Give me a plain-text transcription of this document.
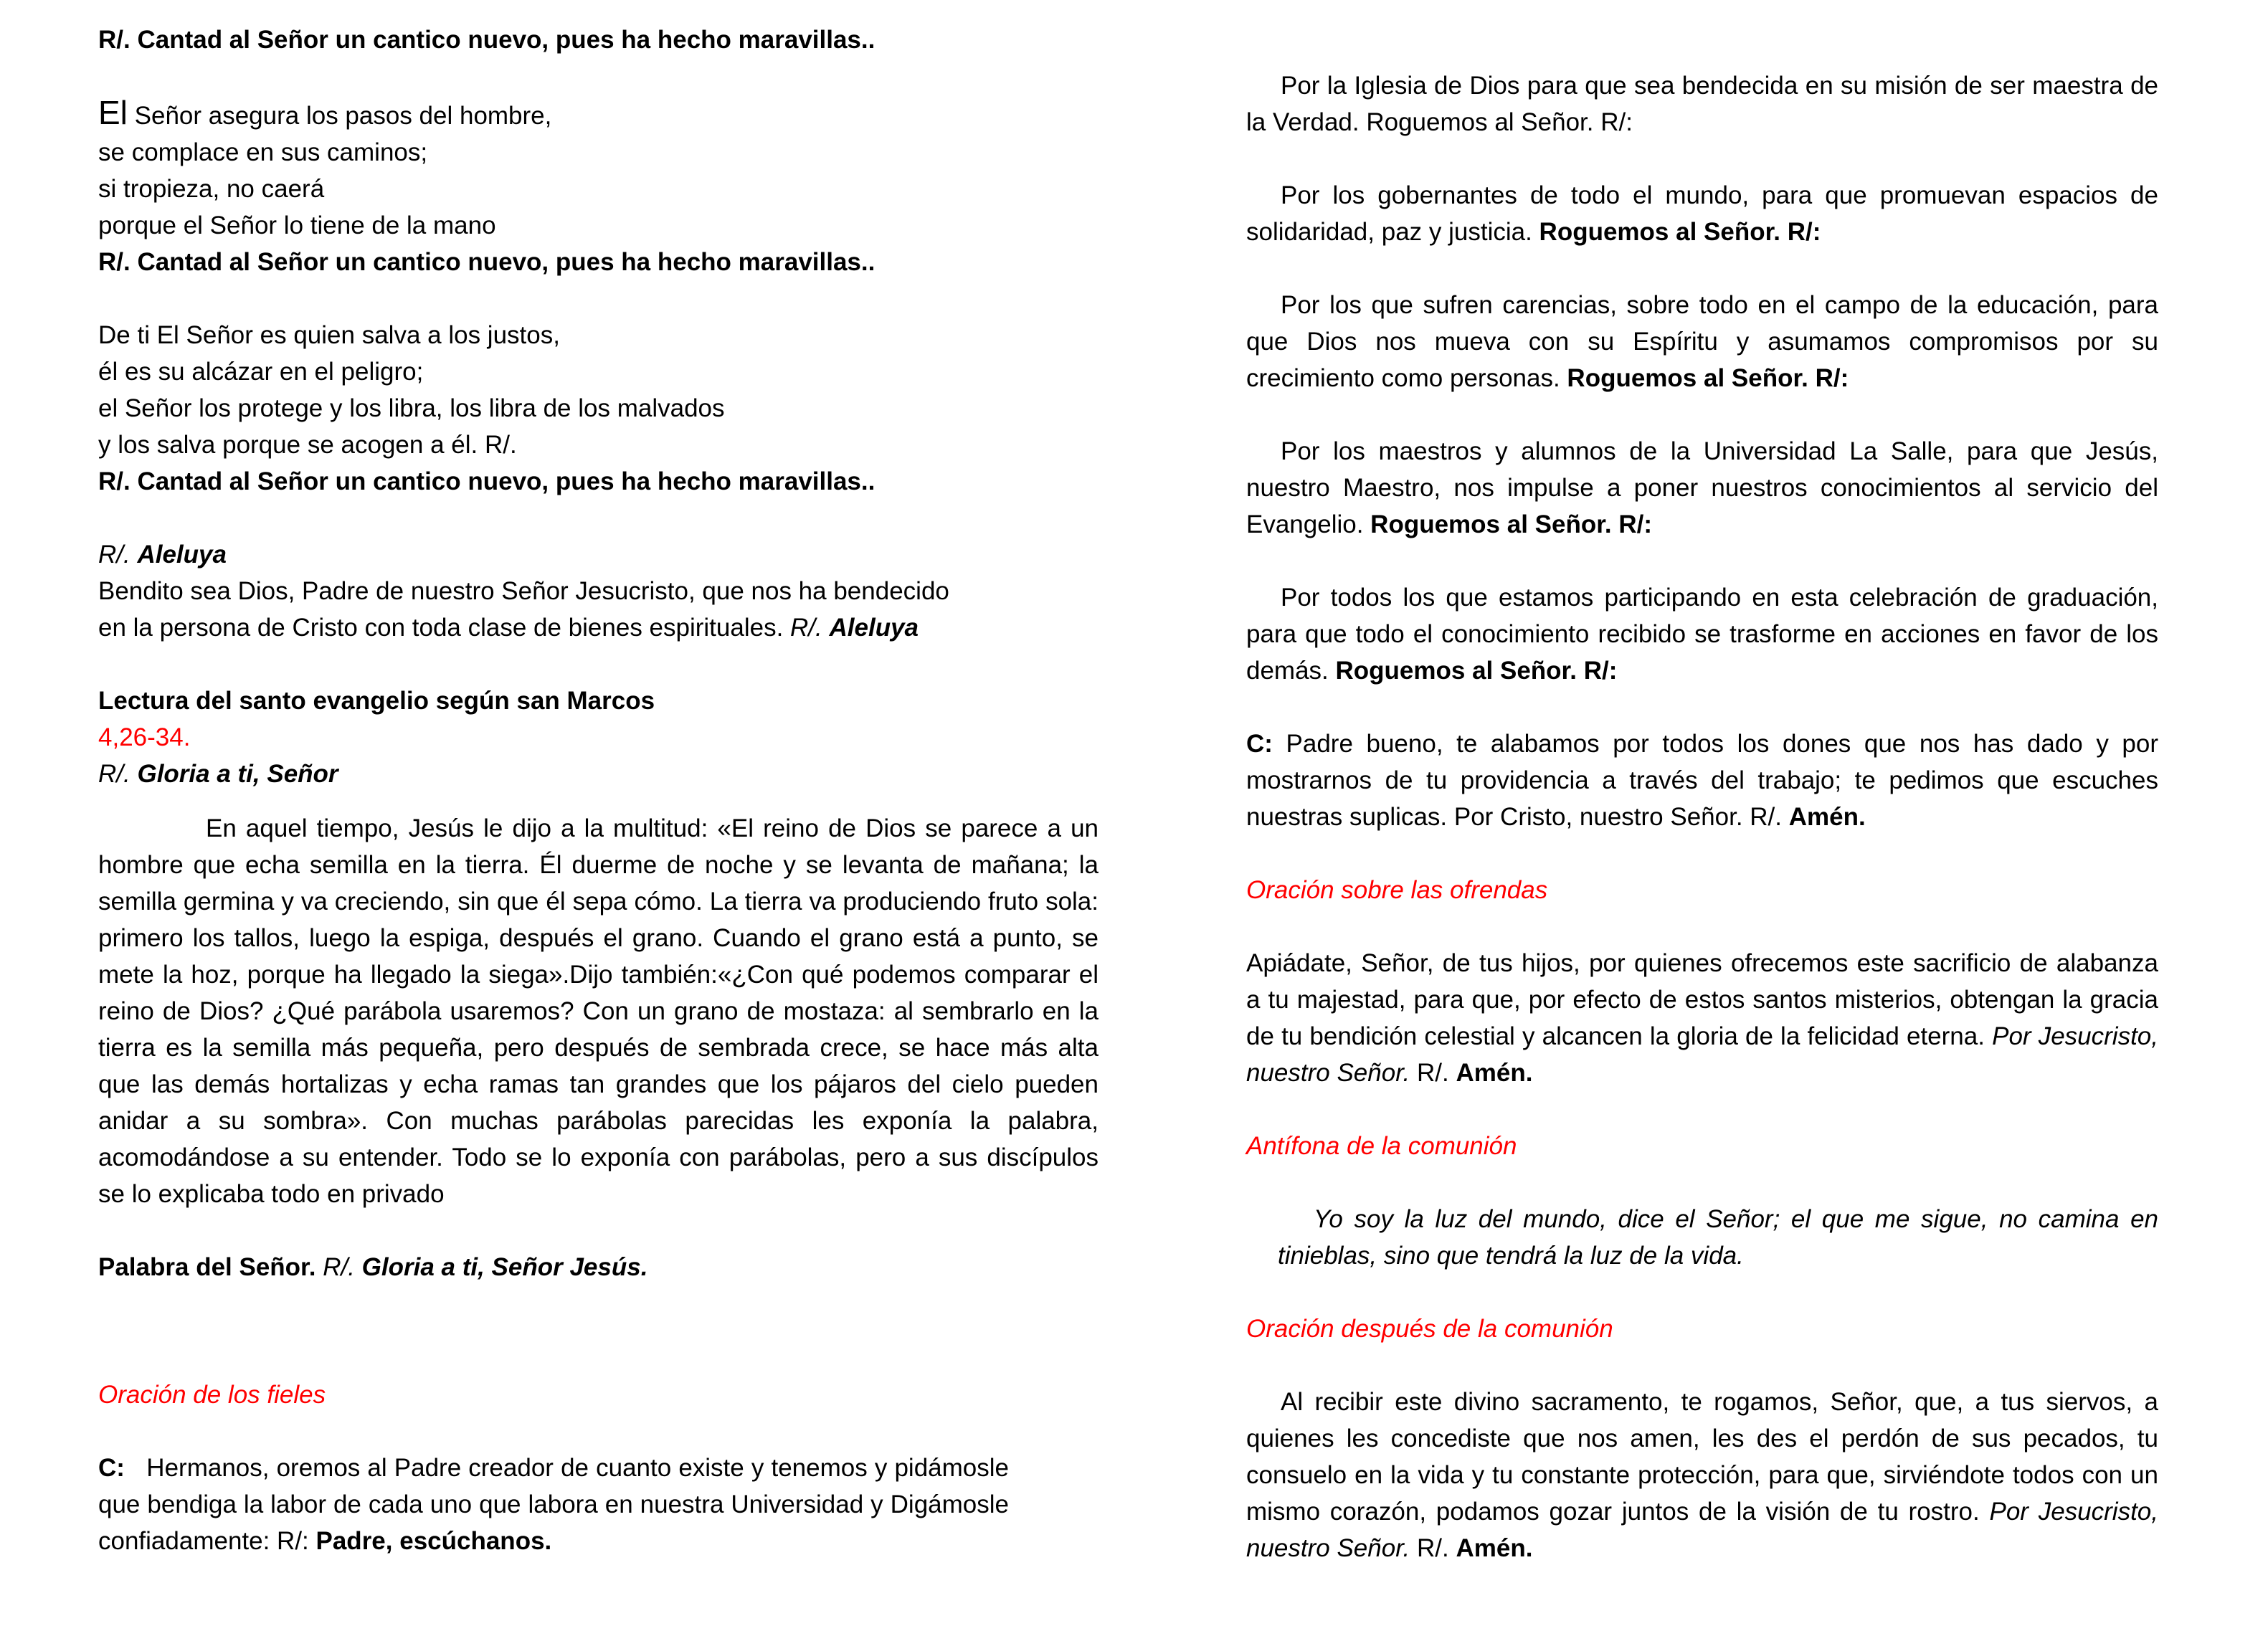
R/. Cantad al Señor un cantico nuevo, pues ha hecho maravillas..

El Señor asegura los pasos del hombre,

se complace en sus caminos;

si tropieza, no caerá

porque el Señor lo tiene de la mano

R/. Cantad al Señor un cantico nuevo, pues ha hecho maravillas..

De ti El Señor es quien salva a los justos,

él es su alcázar en el peligro;

el Señor los protege y los libra, los libra de los malvados

y los salva porque se acogen a él. R/.

R/. Cantad al Señor un cantico nuevo, pues ha hecho maravillas..

R/. Aleluya

Bendito sea Dios, Padre de nuestro Señor Jesucristo, que nos ha bendecido

en la persona de Cristo con toda clase de bienes espirituales. R/. Aleluya

Lectura del santo evangelio según san Marcos

4,26-34.

R/. Gloria a ti, Señor

En aquel tiempo, Jesús le dijo a la multitud: «El reino de Dios se parece a un hombre que echa semilla en la tierra. Él duerme de noche y se levanta de mañana; la semilla germina y va creciendo, sin que él sepa cómo. La tierra va produciendo fruto sola: primero los tallos, luego la espiga, después el grano. Cuando el grano está a punto, se mete la hoz, porque ha llegado la siega».Dijo también:«¿Con qué podemos comparar el reino de Dios? ¿Qué parábola usaremos? Con un grano de mostaza: al sembrarlo en la tierra es la semilla más pequeña, pero después de sembrada crece, se hace más alta que las demás hortalizas y echa ramas tan grandes que los pájaros del cielo pueden anidar a su sombra». Con muchas parábolas parecidas les exponía la palabra, acomodándose a su entender. Todo se lo exponía con parábolas, pero a sus discípulos se lo explicaba todo en privado

Palabra del Señor. R/. Gloria a ti, Señor Jesús.

Oración de los fieles

C: Hermanos, oremos al Padre creador de cuanto existe y tenemos y pidámosle que bendiga la labor de cada uno que labora en nuestra Universidad y Digámosle confiadamente: R/: Padre, escúchanos.

Por la Iglesia de Dios para que sea bendecida en su misión de ser maestra de la Verdad. Roguemos al Señor. R/:

Por los gobernantes de todo el mundo, para que promuevan espacios de solidaridad, paz y justicia. Roguemos al Señor. R/:

Por los que sufren carencias, sobre todo en el campo de la educación, para que Dios nos mueva con su Espíritu y asumamos compromisos por su crecimiento como personas. Roguemos al Señor. R/:

Por los maestros y alumnos de la Universidad La Salle, para que Jesús, nuestro Maestro, nos impulse a poner nuestros conocimientos al servicio del Evangelio. Roguemos al Señor. R/:

Por todos los que estamos participando en esta celebración de graduación, para que todo el conocimiento recibido se trasforme en acciones en favor de los demás. Roguemos al Señor. R/:

C: Padre bueno, te alabamos por todos los dones que nos has dado y por mostrarnos de tu providencia a través del trabajo; te pedimos que escuches nuestras suplicas. Por Cristo, nuestro Señor. R/. Amén.

Oración sobre las ofrendas

Apiádate, Señor, de tus hijos, por quienes ofrecemos este sacrificio de alabanza a tu majestad, para que, por efecto de estos santos misterios, obtengan la gracia de tu bendición celestial y alcancen la gloria de la felicidad eterna. Por Jesucristo, nuestro Señor. R/. Amén.

Antífona de la comunión

Yo soy la luz del mundo, dice el Señor; el que me sigue, no camina en tinieblas, sino que tendrá la luz de la vida.

Oración después de la comunión

Al recibir este divino sacramento, te rogamos, Señor, que, a tus siervos, a quienes les concediste que nos amen, les des el perdón de sus pecados, tu consuelo en la vida y tu constante protección, para que, sirviéndote todos con un mismo corazón, podamos gozar juntos de la visión de tu rostro. Por Jesucristo, nuestro Señor. R/. Amén.
